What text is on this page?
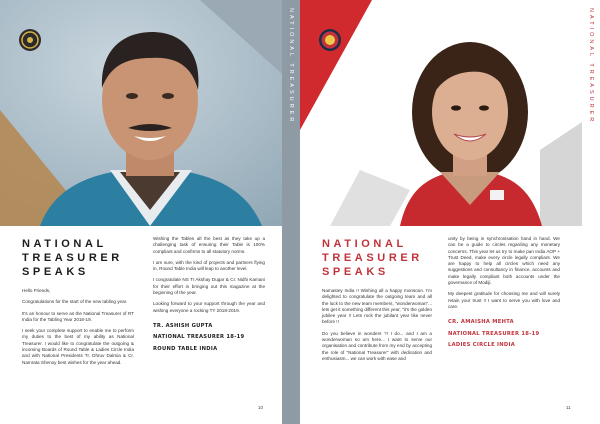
NATIONAL TREASURER
NATIONAL
TREASURER
SPEAKS

Hello Friends,

Congratulations for the start of the new tabling year.

It's an honour to serve as the National Treasurer of RT India for the Tabling Year 2018-19.

I seek your complete support to enable me to perform my duties to the best of my ability as National Treasurer. I would like to congratulate the outgoing & incoming Boards of Round Table & Ladies Circle India and with National Presidents Tr. Dhruv Dalmia & Cr. Namrata Shenoy best wishes for the year ahead.

Wishing the Tables all the best as they take up a challenging task of ensuring their Table is 100% compliant and confirms to all statutory norms.

I am sure, with the kind of projects and partners flying in, Round Table India will leap to another level.

I congratulate NS Tr Akshay Dugar & Cr. Nidhi Kamani for their effort in bringing out this magazine at the beginning of the year.

Looking forward to your support through the year and wishing everyone a rocking TY 2018-2019.

TR. ASHISH GUPTA

NATIONAL TREASURER 18-19

ROUND TABLE INDIA

10
NATIONAL TREASURER
NATIONAL
TREASURER
SPEAKS

Namastey India !! Wishing all a happy monsoon. I'm delighted to congratulate the outgoing team and all the luck to the new team members, "wonderwoman"... lets get it something different this year, "it's the golden jubilee year !! Lets rock the jubilant year like never before !!

Do you believe in wonders ?! I do... and I am a wonderwoman so am here... I want to serve our organisation and contribute from my end by accepting the role of "National Treasurer" with dedication and enthusiasm... we can work with ease and

unity by being in synchronisation hand in hand. We can be a guide to circles regarding any monetary concerns. This year let us try to make pan India AOP + Trust Deed, make every circle legally compliant. We are happy to help all circles which need any suggestions and consultancy in finance, accounts and make legally compliant both accounts under the governance of Modiji.

My deepest gratitude for choosing me and will surely retain your trust !! I want to serve you with love and care.

CR. AMAISHA MEHTA

NATIONAL TREASURER 18-19

LADIES CIRCLE INDIA

11
